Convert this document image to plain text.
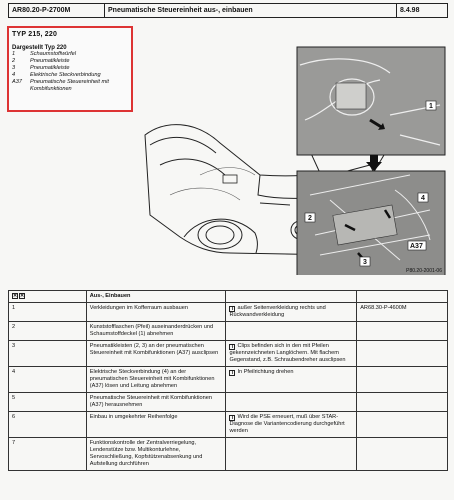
AR80.20-P-2700M	Pneumatische Steuereinheit aus-, einbauen	8.4.98
TYP 215, 220
Dargestellt Typ 220
1	Schaumstoffwürfel
2	Pneumatikleiste
3	Pneumatikleiste
4	Elektrische Steckverbindung
A37	Pneumatische Steuereinheit mit Kombifunktionen
1
4
2
A37
3
P80.20-2001-06
✕ ✕	Aus-, Einbauen		
1	Verkleidungen im Kofferraum ausbauen	i außer Seitenverkleidung rechts und Rückwandverkleidung	AR68.30-P-4600M
2	Kunststofflaschen (Pfeil) auseinanderdrücken und Schaumstoffdeckel (1) abnehmen		
3	Pneumatikleisten (2, 3) an der pneumatischen Steuereinheit mit Kombifunktionen (A37) ausclipsen	i Clips befinden sich in den mit Pfeilen gekennzeichneten Langlöchern. Mit flachem Gegenstand, z.B. Schraubendreher ausclipsen	
4	Elektrische Steckverbindung (4) an der pneumatischen Steuereinheit mit Kombifunktionen (A37) lösen und Leitung abnehmen	i In Pfeilrichtung drehen	
5	Pneumatische Steuereinheit mit Kombifunktionen (A37) herausnehmen		
6	Einbau in umgekehrter Reihenfolge	i Wird die PSE erneuert, muß über STAR-Diagnose die Variantencodierung durchgeführt werden	
7	Funktionskontrolle der Zentralverriegelung, Lendenstütze bzw. Multikonturlehne, Servoschließung, Kopfstützenabsenkung und Aufstellung durchführen		
